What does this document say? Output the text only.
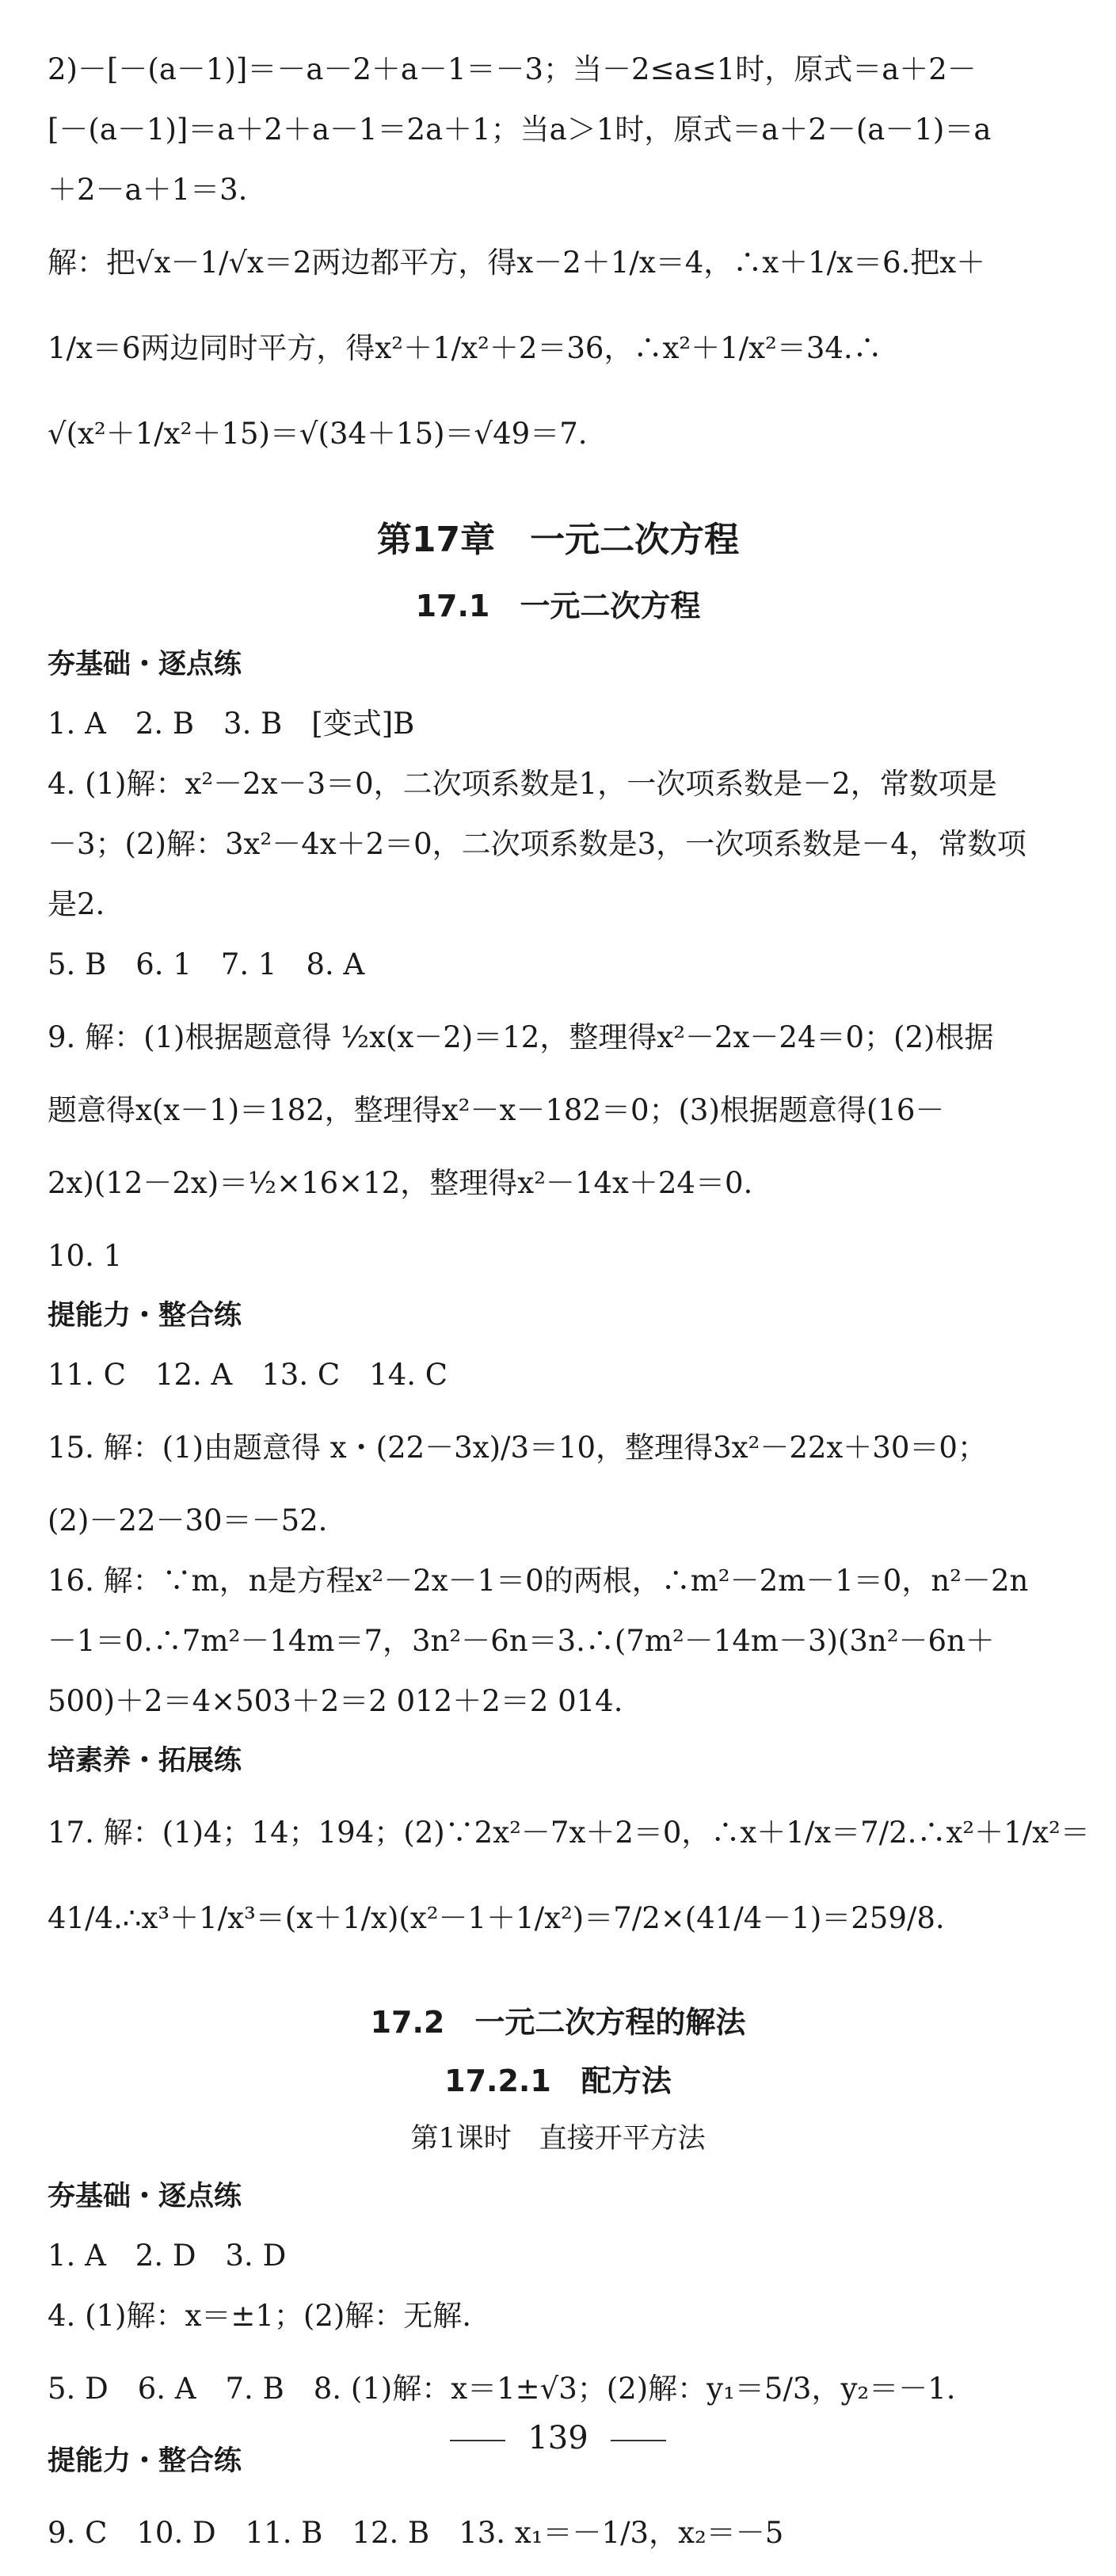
2)－[－(a－1)]＝－a－2＋a－1＝－3；当－2≤a≤1时，原式＝a＋2－
[－(a－1)]＝a＋2＋a－1＝2a＋1；当a＞1时，原式＝a＋2－(a－1)＝a
＋2－a＋1＝3.
解：把√x－1/√x＝2两边都平方，得x－2＋1/x＝4，∴x＋1/x＝6.把x＋
1/x＝6两边同时平方，得x²＋1/x²＋2＝36，∴x²＋1/x²＝34.∴
√(x²＋1/x²＋15)＝√(34＋15)＝√49＝7.
第17章　一元二次方程
17.1　一元二次方程
夯基础・逐点练
1. A　2. B　3. B　[变式]B
4. (1)解：x²－2x－3＝0，二次项系数是1，一次项系数是－2，常数项是
－3；(2)解：3x²－4x＋2＝0，二次项系数是3，一次项系数是－4，常数项
是2.
5. B　6. 1　7. 1　8. A
9. 解：(1)根据题意得 ½x(x－2)＝12，整理得x²－2x－24＝0；(2)根据
题意得x(x－1)＝182，整理得x²－x－182＝0；(3)根据题意得(16－
2x)(12－2x)＝½×16×12，整理得x²－14x＋24＝0.
10. 1
提能力・整合练
11. C　12. A　13. C　14. C
15. 解：(1)由题意得 x・(22－3x)/3＝10，整理得3x²－22x＋30＝0；
(2)－22－30＝－52.
16. 解：∵m，n是方程x²－2x－1＝0的两根，∴m²－2m－1＝0，n²－2n
－1＝0.∴7m²－14m＝7，3n²－6n＝3.∴(7m²－14m－3)(3n²－6n＋
500)＋2＝4×503＋2＝2 012＋2＝2 014.
培素养・拓展练
17. 解：(1)4；14；194；(2)∵2x²－7x＋2＝0，∴x＋1/x＝7/2.∴x²＋1/x²＝
41/4.∴x³＋1/x³＝(x＋1/x)(x²－1＋1/x²)＝7/2×(41/4－1)＝259/8.
17.2　一元二次方程的解法
17.2.1　配方法
第1课时　直接开平方法
夯基础・逐点练
1. A　2. D　3. D
4. (1)解：x＝±1；(2)解：无解.
5. D　6. A　7. B　8. (1)解：x＝1±√3；(2)解：y₁＝5/3，y₂＝－1.
提能力・整合练
9. C　10. D　11. B　12. B　13. x₁＝－1/3，x₂＝－5
139
